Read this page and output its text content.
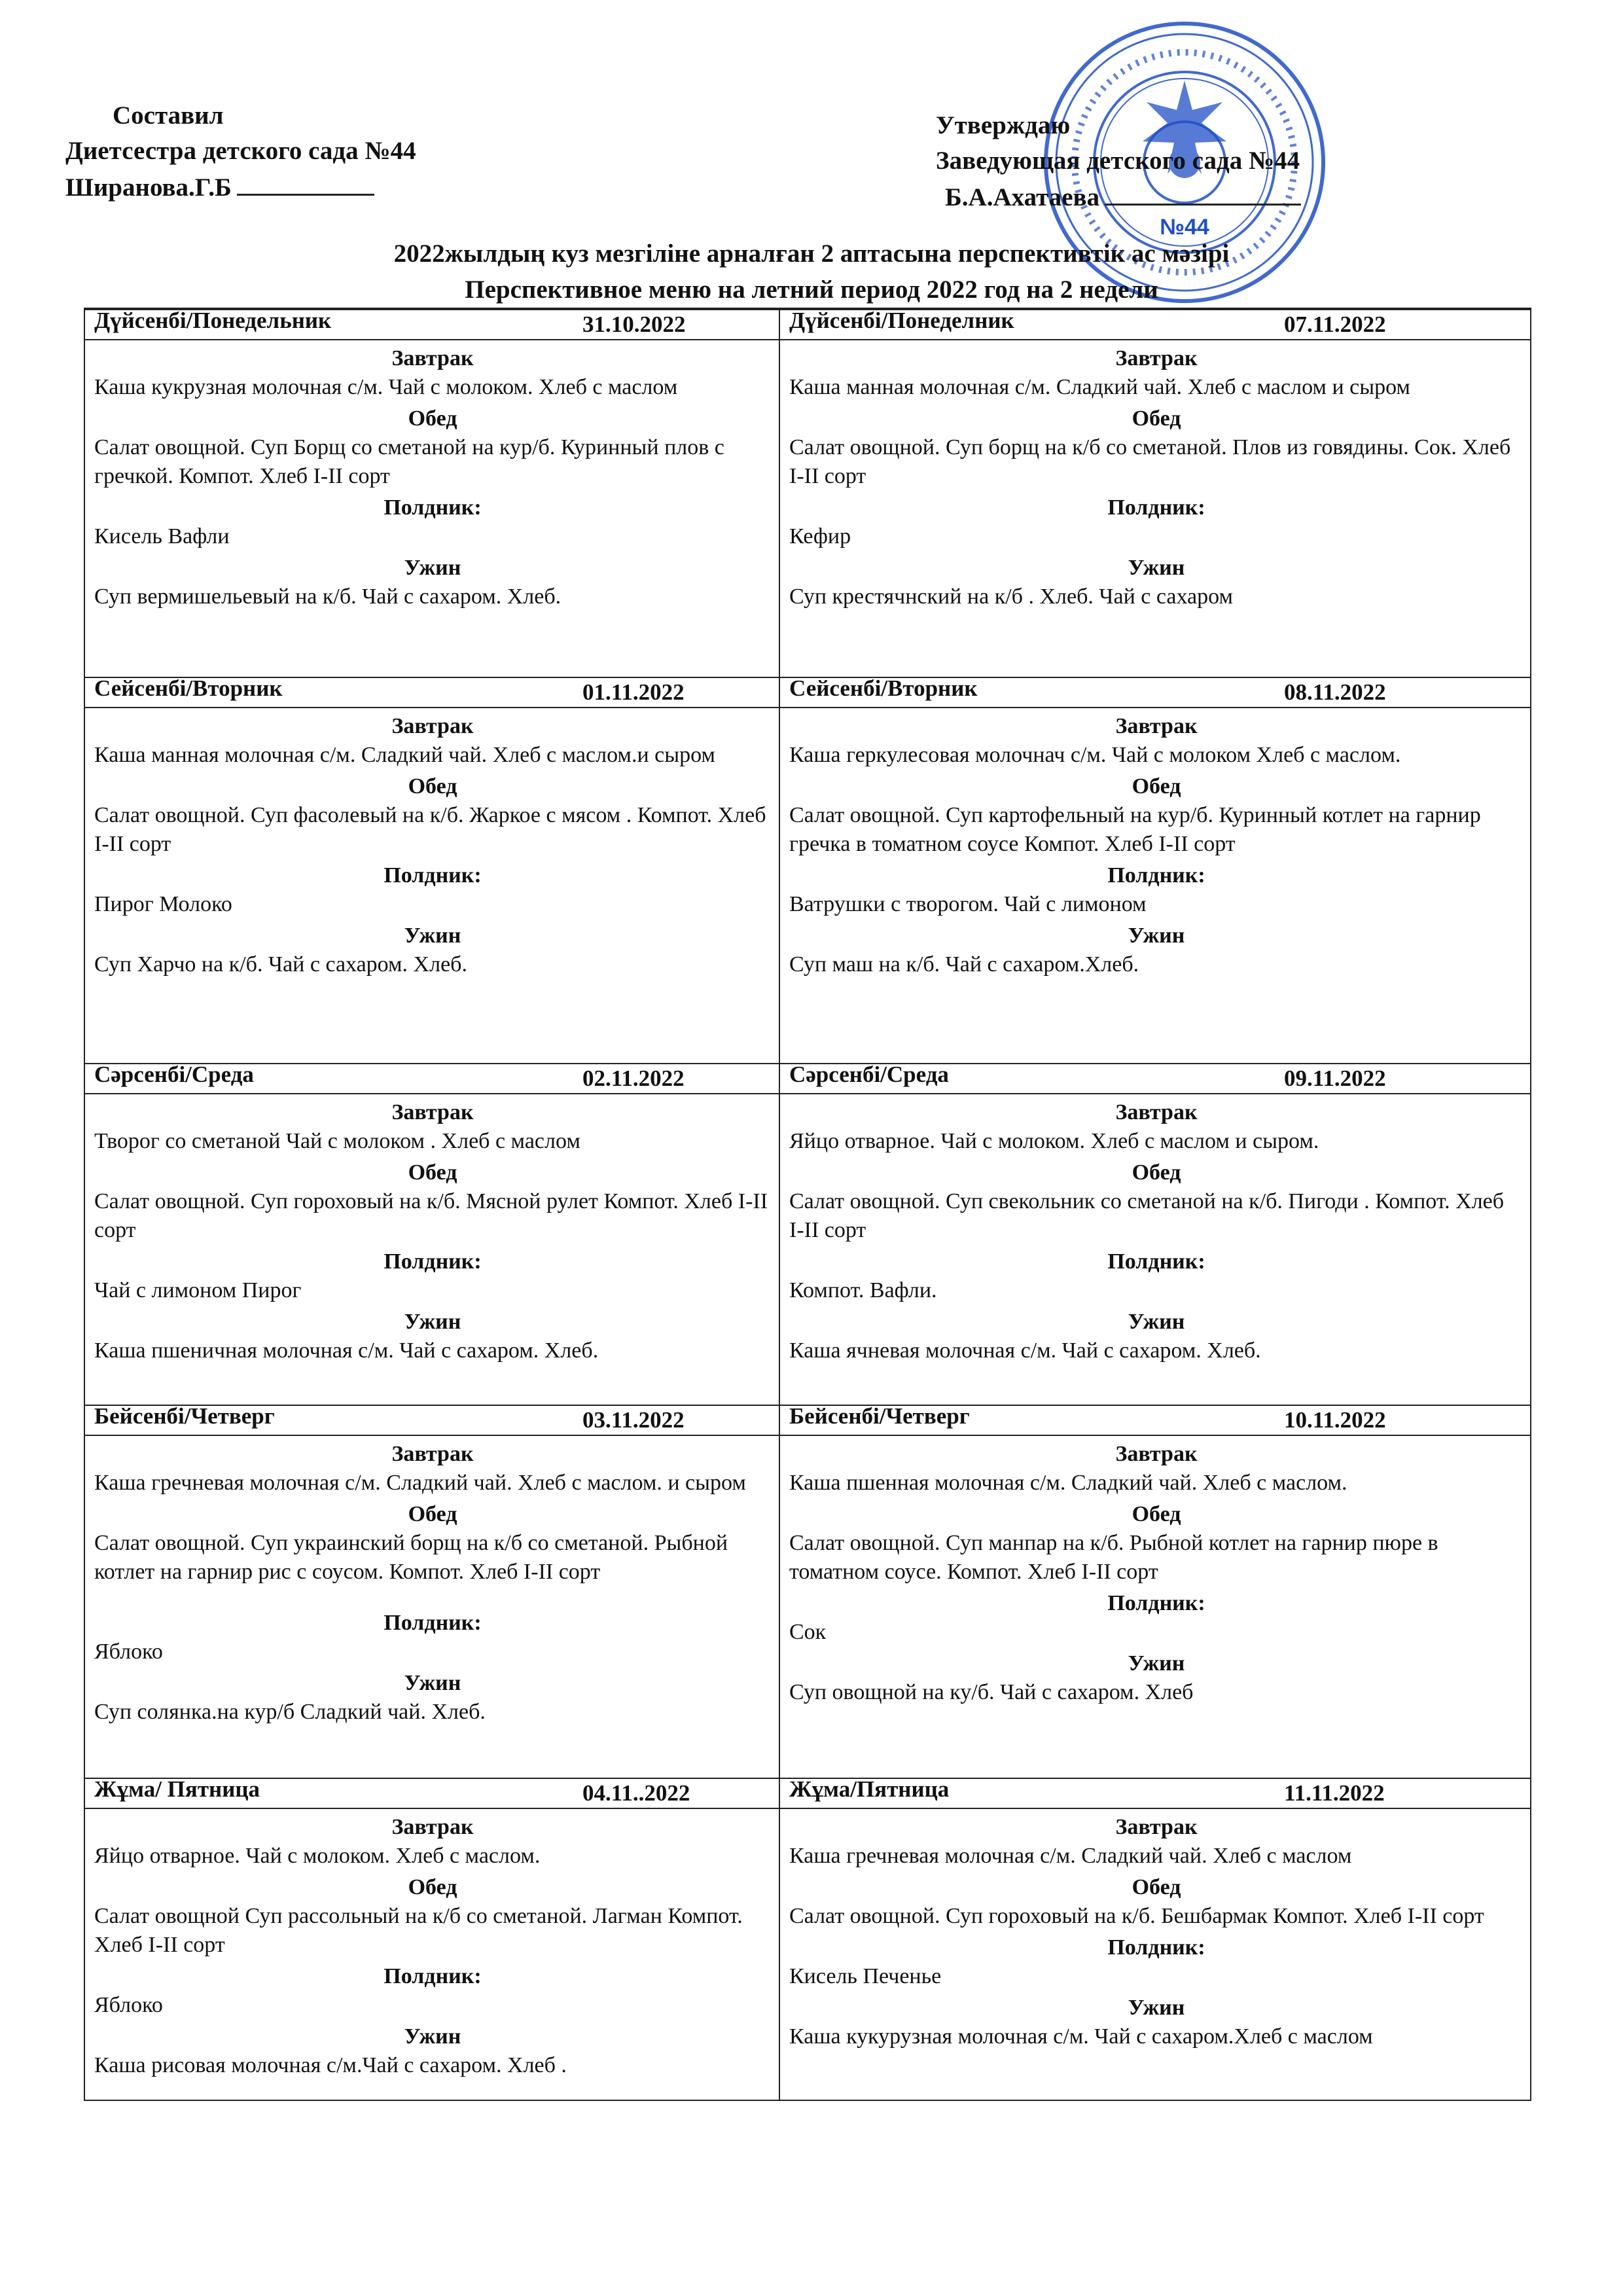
Составил
Диетсестра детского сада №44
Ширанова.Г.Б
№44
Утверждаю
Заведующая детского сада №44
Б.А.Ахатаева
2022жылдың куз мезгіліне арналған 2 аптасына перспективтік ас мәзірі
Перспективное меню на летний период 2022 год на 2 недели
Дүйсенбі/Понедельник	31.10.2022
Завтрак
Каша кукрузная молочная с/м. Чай с молоком. Хлеб с маслом
Обед
Салат овощной. Суп Борщ со сметаной на кур/б. Куринный плов с гречкой. Компот. Хлеб I-II сорт
Полдник:
Кисель Вафли
Ужин
Суп вермишельевый на к/б. Чай с сахаром. Хлеб.
Дүйсенбі/Понеделник	07.11.2022
Завтрак
Каша манная молочная с/м. Сладкий чай. Хлеб с маслом и сыром
Обед
Салат овощной. Суп борщ на к/б со сметаной. Плов из говядины. Сок. Хлеб I-II сорт
Полдник:
Кефир
Ужин
Суп крестячнский на к/б . Хлеб. Чай с сахаром
Сейсенбі/Вторник	01.11.2022
Завтрак
Каша манная молочная с/м. Сладкий чай. Хлеб с маслом.и сыром
Обед
Салат овощной. Суп фасолевый на к/б. Жаркое с мясом . Компот. Хлеб I-II сорт
Полдник:
Пирог Молоко
Ужин
Суп Харчо на к/б. Чай с сахаром. Хлеб.
Сейсенбі/Вторник	08.11.2022
Завтрак
Каша геркулесовая молочнач с/м. Чай с молоком Хлеб с маслом.
Обед
Салат овощной. Суп картофельный на кур/б. Куринный котлет на гарнир гречка в томатном соусе Компот. Хлеб I-II сорт
Полдник:
Ватрушки с творогом. Чай с лимоном
Ужин
Суп маш на к/б. Чай с сахаром.Хлеб.
Сәрсенбі/Среда	02.11.2022
Завтрак
Творог со сметаной Чай с молоком . Хлеб с маслом
Обед
Салат овощной. Суп гороховый на к/б. Мясной рулет Компот. Хлеб I-II сорт
Полдник:
Чай с лимоном Пирог
Ужин
Каша пшеничная молочная с/м. Чай с сахаром. Хлеб.
Сәрсенбі/Среда	09.11.2022
Завтрак
Яйцо отварное. Чай с молоком. Хлеб с маслом и сыром.
Обед
Салат овощной. Суп свекольник со сметаной на к/б. Пигоди . Компот. Хлеб I-II сорт
Полдник:
Компот. Вафли.
Ужин
Каша ячневая молочная с/м. Чай с сахаром. Хлеб.
Бейсенбі/Четверг	03.11.2022
Завтрак
Каша гречневая молочная с/м. Сладкий чай. Хлеб с маслом. и сыром
Обед
Салат овощной. Суп украинский борщ на к/б со сметаной. Рыбной котлет на гарнир рис с соусом. Компот. Хлеб I-II сорт
Полдник:
Яблоко
Ужин
Суп солянка.на кур/б Сладкий чай. Хлеб.
Бейсенбі/Четверг	10.11.2022
Завтрак
Каша пшенная молочная с/м. Сладкий чай. Хлеб с маслом.
Обед
Салат овощной. Суп манпар на к/б. Рыбной котлет на гарнир пюре в томатном соусе. Компот. Хлеб I-II сорт
Полдник:
Сок
Ужин
Суп овощной на ку/б. Чай с сахаром. Хлеб
Жұма/ Пятница	04.11..2022
Завтрак
Яйцо отварное. Чай с молоком. Хлеб с маслом.
Обед
Салат овощной Суп рассольный на к/б со сметаной. Лагман Компот. Хлеб I-II сорт
Полдник:
Яблоко
Ужин
Каша рисовая молочная с/м.Чай с сахаром. Хлеб .
Жұма/Пятница	11.11.2022
Завтрак
Каша гречневая молочная с/м. Сладкий чай. Хлеб с маслом
Обед
Салат овощной. Суп гороховый на к/б. Бешбармак Компот. Хлеб I-II сорт
Полдник:
Кисель Печенье
Ужин
Каша кукурузная молочная с/м. Чай с сахаром.Хлеб с маслом
